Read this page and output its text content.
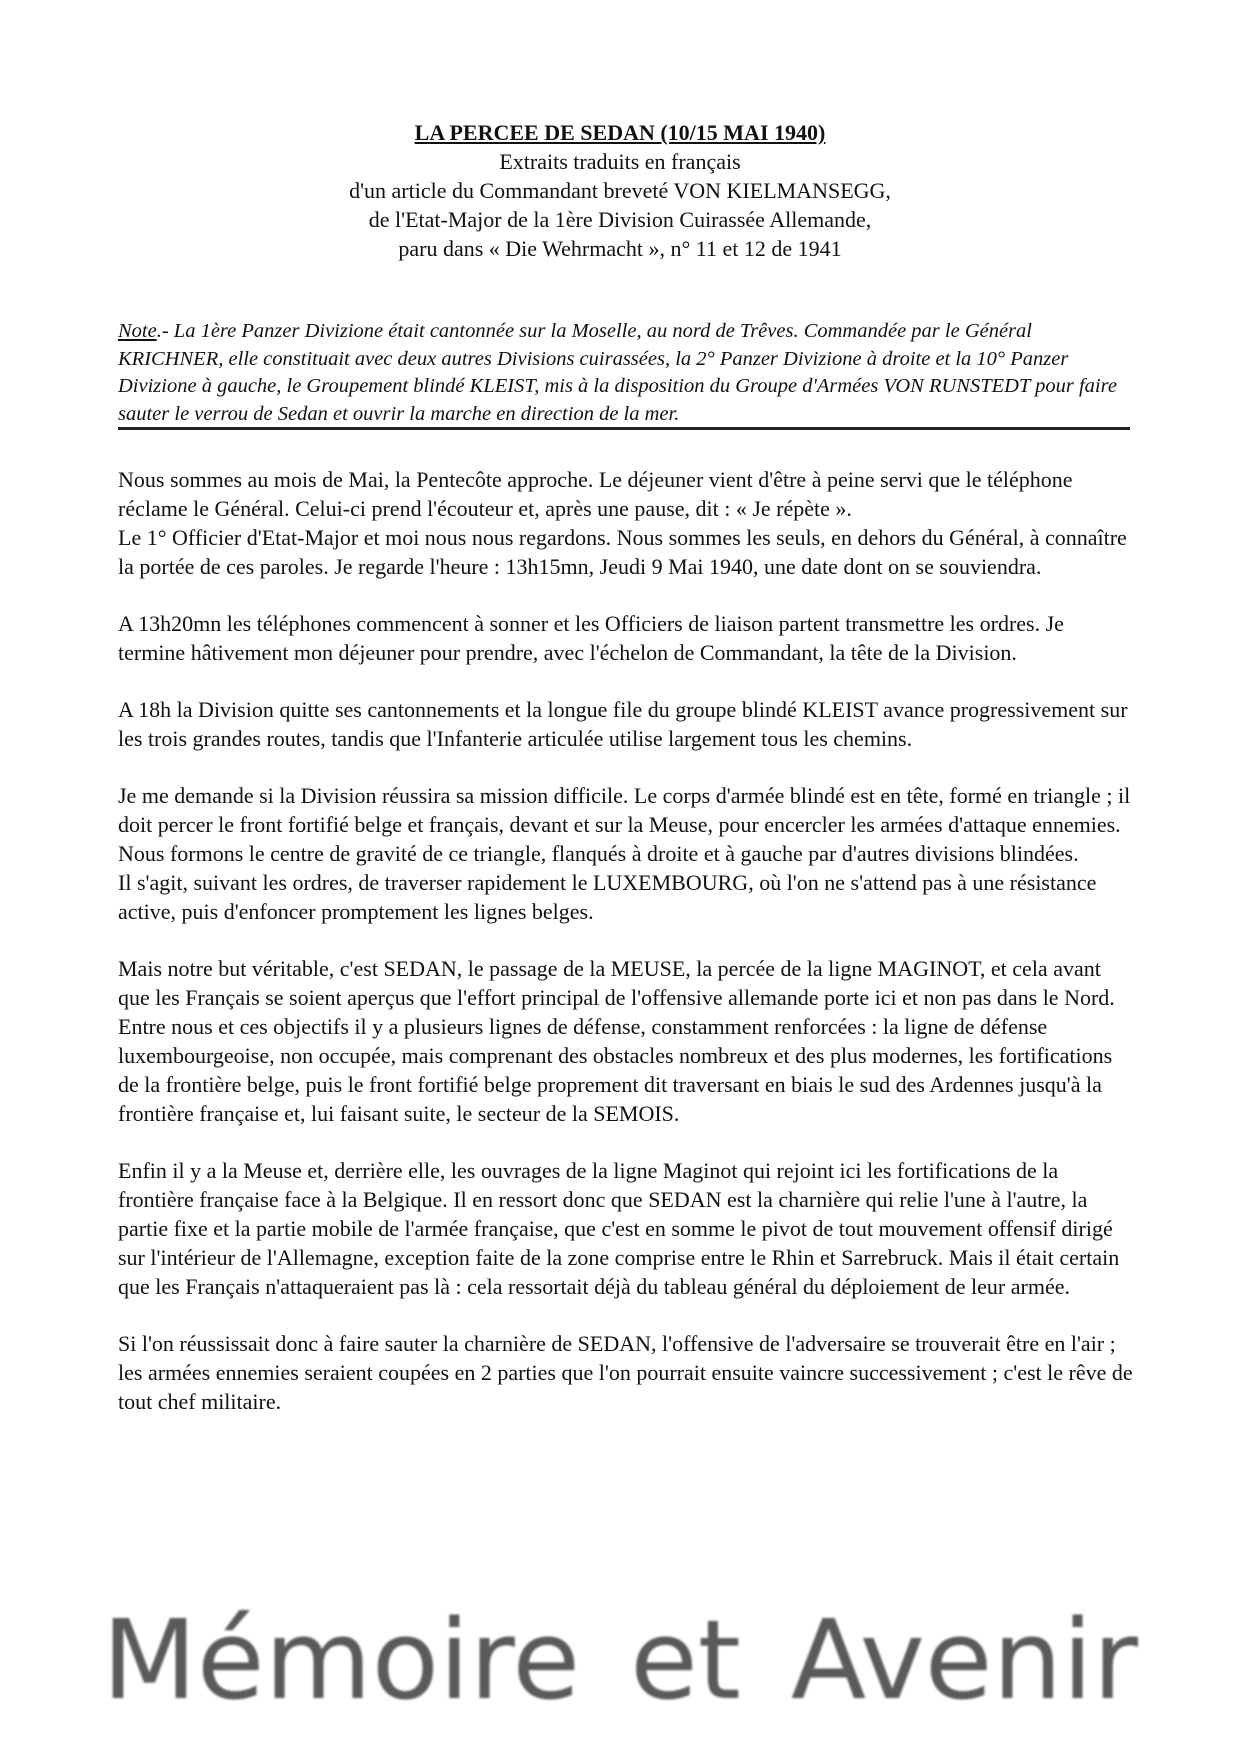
LA PERCEE DE SEDAN (10/15 MAI 1940)
Extraits traduits en français
d'un article du Commandant breveté VON KIELMANSEGG,
de l'Etat-Major de la 1ère Division Cuirassée Allemande,
paru dans « Die Wehrmacht », n° 11 et 12 de 1941
Note.- La 1ère Panzer Divizione était cantonnée sur la Moselle, au nord de Trêves. Commandée par le Général KRICHNER, elle constituait avec deux autres Divisions cuirassées, la 2° Panzer Divizione à droite et la 10° Panzer Divizione à gauche, le Groupement blindé KLEIST, mis à la disposition du Groupe d'Armées VON RUNSTEDT pour faire sauter le verrou de Sedan et ouvrir la marche en direction de la mer.

Nous sommes au mois de Mai, la Pentecôte approche. Le déjeuner vient d'être à peine servi que le téléphone réclame le Général. Celui-ci prend l'écouteur et, après une pause, dit : « Je répète ».
Le 1° Officier d'Etat-Major et moi nous nous regardons. Nous sommes les seuls, en dehors du Général, à connaître la portée de ces paroles. Je regarde l'heure : 13h15mn, Jeudi 9 Mai 1940, une date dont on se souviendra.

A 13h20mn les téléphones commencent à sonner et les Officiers de liaison partent transmettre les ordres. Je termine hâtivement mon déjeuner pour prendre, avec l'échelon de Commandant, la tête de la Division.

A 18h la Division quitte ses cantonnements et la longue file du groupe blindé KLEIST avance progressivement sur les trois grandes routes, tandis que l'Infanterie articulée utilise largement tous les chemins.

Je me demande si la Division réussira sa mission difficile. Le corps d'armée blindé est en tête, formé en triangle ; il doit percer le front fortifié belge et français, devant et sur la Meuse, pour encercler les armées d'attaque ennemies. Nous formons le centre de gravité de ce triangle, flanqués à droite et à gauche par d'autres divisions blindées.
Il s'agit, suivant les ordres, de traverser rapidement le LUXEMBOURG, où l'on ne s'attend pas à une résistance active, puis d'enfoncer promptement les lignes belges.

Mais notre but véritable, c'est SEDAN, le passage de la MEUSE, la percée de la ligne MAGINOT, et cela avant que les Français se soient aperçus que l'effort principal de l'offensive allemande porte ici et non pas dans le Nord. Entre nous et ces objectifs il y a plusieurs lignes de défense, constamment renforcées : la ligne de défense luxembourgeoise, non occupée, mais comprenant des obstacles nombreux et des plus modernes, les fortifications de la frontière belge, puis le front fortifié belge proprement dit traversant en biais le sud des Ardennes jusqu'à la frontière française et, lui faisant suite, le secteur de la SEMOIS.

Enfin il y a la Meuse et, derrière elle, les ouvrages de la ligne Maginot qui rejoint ici les fortifications de la frontière française face à la Belgique. Il en ressort donc que SEDAN est la charnière qui relie l'une à l'autre, la partie fixe et la partie mobile de l'armée française, que c'est en somme le pivot de tout mouvement offensif dirigé sur l'intérieur de l'Allemagne, exception faite de la zone comprise entre le Rhin et Sarrebruck. Mais il était certain que les Français n'attaqueraient pas là : cela ressortait déjà du tableau général du déploiement de leur armée.

Si l'on réussissait donc à faire sauter la charnière de SEDAN, l'offensive de l'adversaire se trouverait être en l'air ; les armées ennemies seraient coupées en 2 parties que l'on pourrait ensuite vaincre successivement ; c'est le rêve de tout chef militaire.

Mémoire et Avenir
